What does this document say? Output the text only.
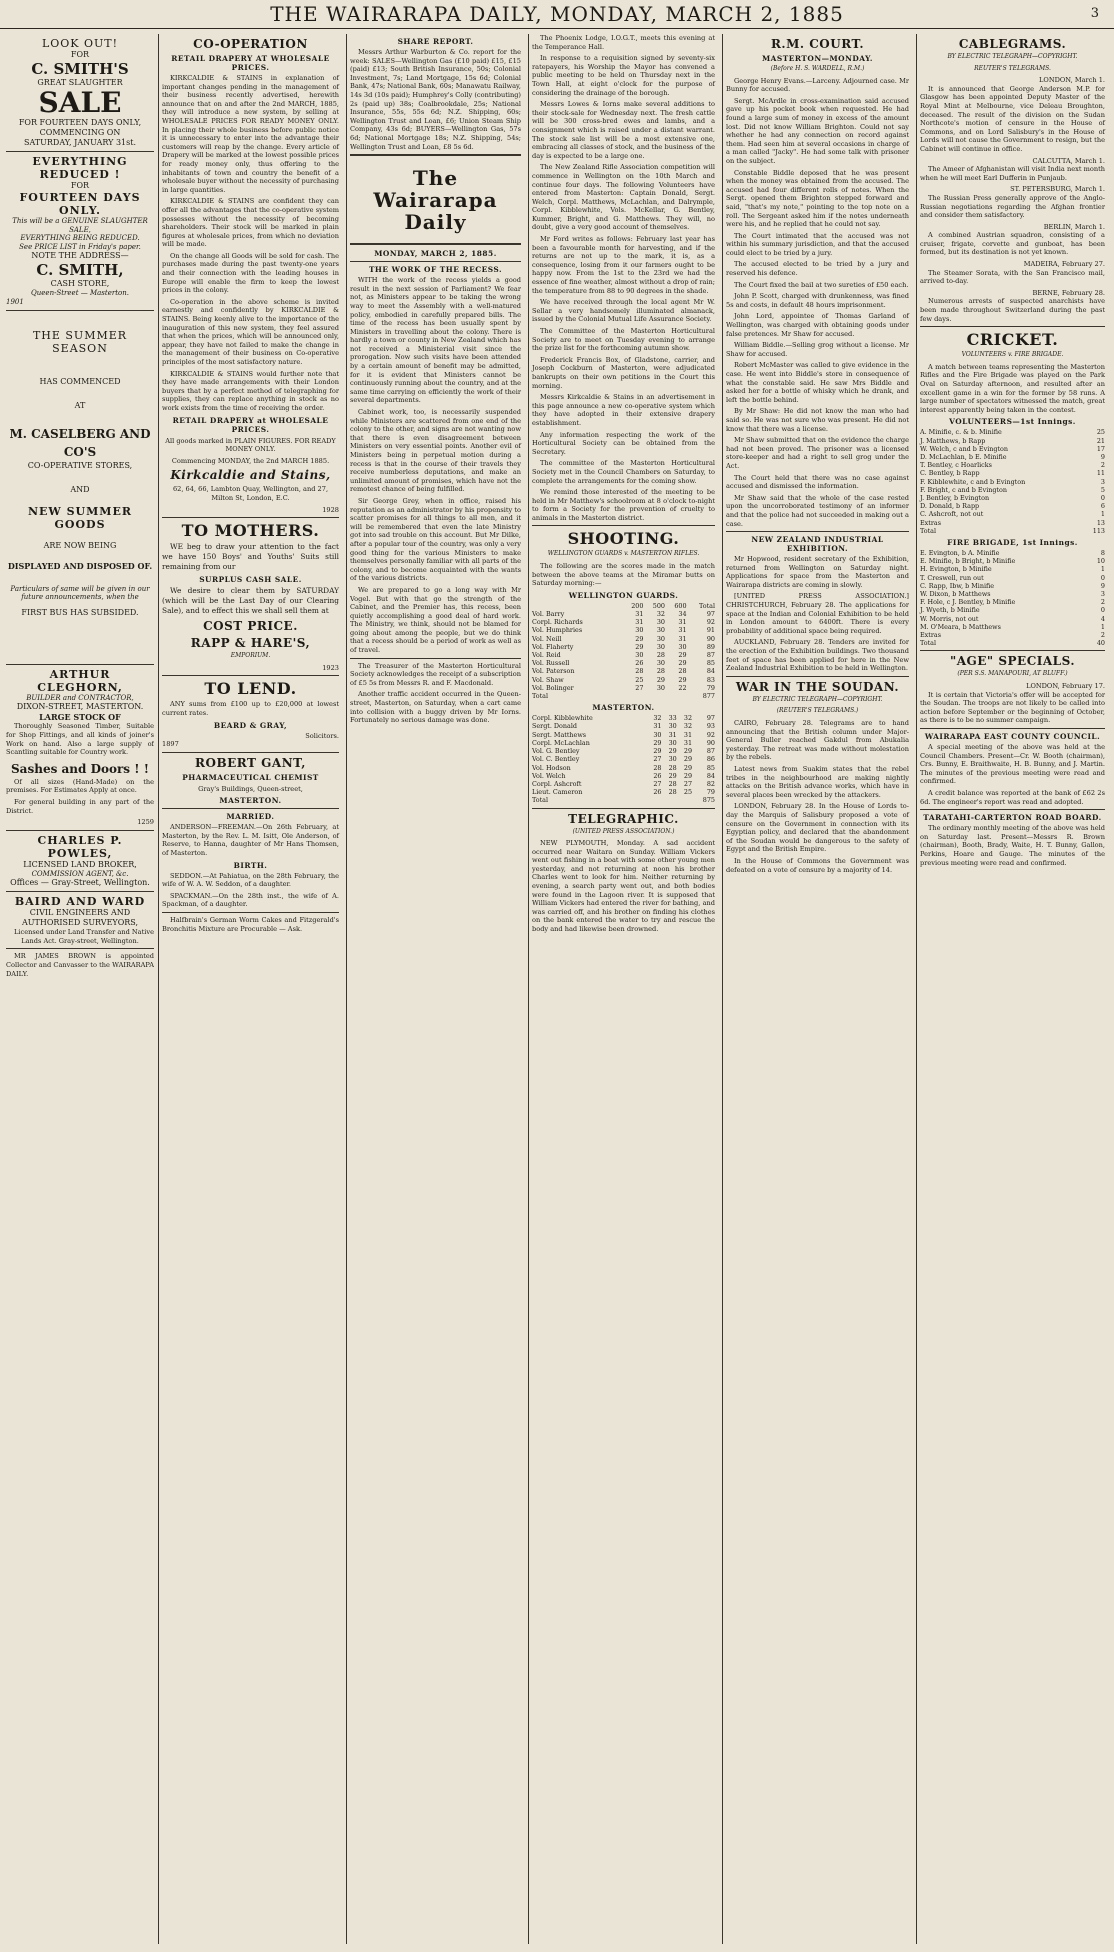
THE WAIRARAPA DAILY, MONDAY, MARCH 2, 1885	3
LOOK OUT!
FOR
C. SMITH'S
GREAT SLAUGHTER
SALE
FOR FOURTEEN DAYS ONLY,
COMMENCING ON
SATURDAY, JANUARY 31st.
EVERYTHING REDUCED !
FOR
FOURTEEN DAYS ONLY.
This will be a GENUINE SLAUGHTER SALE,
EVERYTHING BEING REDUCED.
See PRICE LIST in Friday's paper.
NOTE THE ADDRESS—
C. SMITH,
CASH STORE,
Queen-Street — Masterton.
1901
THE SUMMER SEASON
HAS COMMENCED
AT
M. CASELBERG AND CO'S
CO-OPERATIVE STORES,
AND
NEW SUMMER GOODS
ARE NOW BEING
DISPLAYED AND DISPOSED OF.
Particulars of same will be given in our future announcements, when the
FIRST BUS HAS SUBSIDED.
ARTHUR CLEGHORN,
BUILDER and CONTRACTOR,
DIXON-STREET, MASTERTON.
LARGE STOCK OF
Thoroughly Seasoned Timber, Suitable for Shop Fittings, and all kinds of joiner's Work on hand. Also a large supply of Scantling suitable for Country work.
Sashes and Doors ! !
Of all sizes (Hand-Made) on the premises. For Estimates Apply at once.
For general building in any part of the District.
1259
CHARLES P. POWLES,
LICENSED LAND BROKER,
COMMISSION AGENT, &c.
Offices — Gray-Street, Wellington.
BAIRD AND WARD
CIVIL ENGINEERS AND AUTHORISED SURVEYORS,
Licensed under Land Transfer and Native Lands Act. Gray-street, Wellington.
MR JAMES BROWN is appointed Collector and Canvasser to the WAIRARAPA DAILY.
CO-OPERATION
RETAIL DRAPERY AT WHOLESALE PRICES.
KIRKCALDIE & STAINS in explanation of important changes pending in the management of their business recently advertised, herewith announce that on and after the 2nd MARCH, 1885, they will introduce a new system, by selling at WHOLESALE PRICES FOR READY MONEY ONLY. In placing their whole business before public notice it is unnecessary to enter into the advantage their customers will reap by the change. Every article of Drapery will be marked at the lowest possible prices for ready money only, thus offering to the inhabitants of town and country the benefit of a wholesale buyer without the necessity of purchasing in large quantities.
KIRKCALDIE & STAINS are confident they can offer all the advantages that the co-operative system possesses without the necessity of becoming shareholders. Their stock will be marked in plain figures at wholesale prices, from which no deviation will be made.
On the change all Goods will be sold for cash. The purchases made during the past twenty-one years and their connection with the leading houses in Europe will enable the firm to keep the lowest prices in the colony.
Co-operation in the above scheme is invited earnestly and confidently by KIRKCALDIE & STAINS. Being keenly alive to the importance of the inauguration of this new system, they feel assured that when the prices, which will be announced only, appear, they have not failed to make the change in the management of their business on Co-operative principles of the most satisfactory nature.
KIRKCALDIE & STAINS would further note that they have made arrangements with their London buyers that by a perfect method of telegraphing for supplies, they can replace anything in stock as no work exists from the time of receiving the order.
RETAIL DRAPERY at WHOLESALE PRICES.
All goods marked in PLAIN FIGURES. FOR READY MONEY ONLY.
Commencing MONDAY, the 2nd MARCH 1885.
Kirkcaldie and Stains,
62, 64, 66, Lambton Quay, Wellington, and 27, Milton St, London, E.C.
1928
TO MOTHERS.
WE beg to draw your attention to the fact we have 150 Boys' and Youths' Suits still remaining from our
SURPLUS CASH SALE.
We desire to clear them by SATURDAY (which will be the Last Day of our Clearing Sale), and to effect this we shall sell them at
COST PRICE.
RAPP & HARE'S,
EMPORIUM.
1923
TO LEND.
ANY sums from £100 up to £20,000 at lowest current rates.
BEARD & GRAY,
Solicitors.
1897
ROBERT GANT,
PHARMACEUTICAL CHEMIST
Gray's Buildings, Queen-street,
MASTERTON.
MARRIED.
ANDERSON—FREEMAN.—On 26th February, at Masterton, by the Rev. L. M. Isitt, Ole Anderson, of Reserve, to Hanna, daughter of Mr Hans Thomsen, of Masterton.
BIRTH.
SEDDON.—At Pahiatua, on the 28th February, the wife of W. A. W. Seddon, of a daughter.
SPACKMAN.—On the 28th inst., the wife of A. Spackman, of a daughter.
Halfbrain's German Worm Cakes and Fitzgerald's Bronchitis Mixture are Procurable — Ask.
SHARE REPORT.
Messrs Arthur Warburton & Co. report for the week: SALES—Wellington Gas (£10 paid) £15, £15 (paid) £13; South British Insurance, 50s; Colonial Investment, 7s; Land Mortgage, 15s 6d; Colonial Bank, 47s; National Bank, 60s; Manawatu Railway, 14s 3d (10s paid); Humphrey's Colly (contributing) 2s (paid up) 38s; Coalbrookdale, 25s; National Insurance, 55s, 55s 6d; N.Z. Shipping, 60s; Wellington Trust and Loan, £6; Union Steam Ship Company, 43s 6d; BUYERS—Wellington Gas, 57s 6d; National Mortgage 18s; N.Z. Shipping, 54s; Wellington Trust and Loan, £8 5s 6d.
The Wairarapa Daily
MONDAY, MARCH 2, 1885.
THE WORK OF THE RECESS.
WITH the work of the recess yields a good result in the next session of Parliament? We fear not, as Ministers appear to be taking the wrong way to meet the Assembly with a well-matured policy, embodied in carefully prepared bills. The time of the recess has been usually spent by Ministers in travelling about the colony. There is hardly a town or county in New Zealand which has not received a Ministerial visit since the prorogation. Now such visits have been attended by a certain amount of benefit may be admitted, for it is evident that Ministers cannot be continuously running about the country, and at the same time carrying on efficiently the work of their several departments.
Cabinet work, too, is necessarily suspended while Ministers are scattered from one end of the colony to the other, and signs are not wanting now that there is even disagreement between Ministers on very essential points. Another evil of Ministers being in perpetual motion during a recess is that in the course of their travels they receive numberless deputations, and make an unlimited amount of promises, which have not the remotest chance of being fulfilled.
Sir George Grey, when in office, raised his reputation as an administrator by his propensity to scatter promises for all things to all men, and it will be remembered that even the late Ministry got into sad trouble on this account. But Mr Dilke, after a popular tour of the country, was only a very good thing for the various Ministers to make themselves personally familiar with all parts of the colony, and to become acquainted with the wants of the various districts.
We are prepared to go a long way with Mr Vogel. But with that go the strength of the Cabinet, and the Premier has, this recess, been quietly accomplishing a good deal of hard work. The Ministry, we think, should not be blamed for going about among the people, but we do think that a recess should be a period of work as well as of travel.
The Treasurer of the Masterton Horticultural Society acknowledges the receipt of a subscription of £5 5s from Messrs R. and F. Macdonald.
Another traffic accident occurred in the Queen-street, Masterton, on Saturday, when a cart came into collision with a buggy driven by Mr Iorns. Fortunately no serious damage was done.
The Phoenix Lodge, I.O.G.T., meets this evening at the Temperance Hall.
In response to a requisition signed by seventy-six ratepayers, his Worship the Mayor has convened a public meeting to be held on Thursday next in the Town Hall, at eight o'clock for the purpose of considering the drainage of the borough.
Messrs Lowes & Iorns make several additions to their stock-sale for Wednesday next. The fresh cattle will be 300 cross-bred ewes and lambs, and a consignment which is raised under a distant warrant. The stock sale list will be a most extensive one, embracing all classes of stock, and the business of the day is expected to be a large one.
The New Zealand Rifle Association competition will commence in Wellington on the 10th March and continue four days. The following Volunteers have entered from Masterton: Captain Donald, Sergt. Welch, Corpl. Matthews, McLachlan, and Dalrymple, Corpl. Kibblewhite, Vols. McKellar, G. Bentley, Kummer, Bright, and G. Matthews. They will, no doubt, give a very good account of themselves.
Mr Ford writes as follows: February last year has been a favourable month for harvesting, and if the returns are not up to the mark, it is, as a consequence, losing from it our farmers ought to be happy now. From the 1st to the 23rd we had the essence of fine weather, almost without a drop of rain; the temperature from 88 to 90 degrees in the shade.
We have received through the local agent Mr W. Sellar a very handsomely illuminated almanack, issued by the Colonial Mutual Life Assurance Society.
The Committee of the Masterton Horticultural Society are to meet on Tuesday evening to arrange the prize list for the forthcoming autumn show.
Frederick Francis Box, of Gladstone, carrier, and Joseph Cockburn of Masterton, were adjudicated bankrupts on their own petitions in the Court this morning.
Messrs Kirkcaldie & Stains in an advertisement in this page announce a new co-operative system which they have adopted in their extensive drapery establishment.
Any information respecting the work of the Horticultural Society can be obtained from the Secretary.
The committee of the Masterton Horticultural Society met in the Council Chambers on Saturday, to complete the arrangements for the coming show.
We remind those interested of the meeting to be held in Mr Matthew's schoolroom at 8 o'clock to-night to form a Society for the prevention of cruelty to animals in the Masterton district.
SHOOTING.
WELLINGTON GUARDS v. MASTERTON RIFLES.
The following are the scores made in the match between the above teams at the Miramar butts on Saturday morning:—
WELLINGTON GUARDS.
	200	500	600	Total
Vol. Barry	31	32	34	97
Corpl. Richards	31	30	31	92
Vol. Humphries	30	30	31	91
Vol. Neill	29	30	31	90
Vol. Flaherty	29	30	30	89
Vol. Reid	30	28	29	87
Vol. Russell	26	30	29	85
Vol. Paterson	28	28	28	84
Vol. Shaw	25	29	29	83
Vol. Bolinger	27	30	22	79
Total				877
MASTERTON.
Corpl. Kibblewhite	32	33	32	97
Sergt. Donald	31	30	32	93
Sergt. Matthews	30	31	31	92
Corpl. McLachlan	29	30	31	90
Vol. G. Bentley	29	29	29	87
Vol. C. Bentley	27	30	29	86
Vol. Hodson	28	28	29	85
Vol. Welch	26	29	29	84
Corpl. Ashcroft	27	28	27	82
Lieut. Cameron	26	28	25	79
Total				875
TELEGRAPHIC.
(UNITED PRESS ASSOCIATION.)
NEW PLYMOUTH, Monday. A sad accident occurred near Waitara on Sunday. William Vickers went out fishing in a boat with some other young men yesterday, and not returning at noon his brother Charles went to look for him. Neither returning by evening, a search party went out, and both bodies were found in the Lagoon river. It is supposed that William Vickers had entered the river for bathing, and was carried off, and his brother on finding his clothes on the bank entered the water to try and rescue the body and had likewise been drowned.
R.M. COURT.
MASTERTON—MONDAY.
(Before H. S. WARDELL, R.M.)
George Henry Evans.—Larceny. Adjourned case. Mr Bunny for accused.
Sergt. McArdle in cross-examination said accused gave up his pocket book when requested. He had found a large sum of money in excess of the amount lost. Did not know William Brighton. Could not say whether he had any connection on record against them. Had seen him at several occasions in charge of a man called "Jacky". He had some talk with prisoner on the subject.
Constable Biddle deposed that he was present when the money was obtained from the accused. The accused had four different rolls of notes. When the Sergt. opened them Brighton stepped forward and said, "that's my note," pointing to the top note on a roll. The Sergeant asked him if the notes underneath were his, and he replied that he could not say.
The Court intimated that the accused was not within his summary jurisdiction, and that the accused could elect to be tried by a jury.
The accused elected to be tried by a jury and reserved his defence.
The Court fixed the bail at two sureties of £50 each.
John P. Scott, charged with drunkenness, was fined 5s and costs, in default 48 hours imprisonment.
John Lord, appointee of Thomas Garland of Wellington, was charged with obtaining goods under false pretences. Mr Shaw for accused.
William Biddle.—Selling grog without a license. Mr Shaw for accused.
Robert McMaster was called to give evidence in the case. He went into Biddle's store in consequence of what the constable said. He saw Mrs Biddle and asked her for a bottle of whisky which he drank, and left the bottle behind.
By Mr Shaw: He did not know the man who had said so. He was not sure who was present. He did not know that there was a license.
Mr Shaw submitted that on the evidence the charge had not been proved. The prisoner was a licensed store-keeper and had a right to sell grog under the Act.
The Court held that there was no case against accused and dismissed the information.
Mr Shaw said that the whole of the case rested upon the uncorroborated testimony of an informer and that the police had not succeeded in making out a case.
NEW ZEALAND INDUSTRIAL EXHIBITION.
Mr Hopwood, resident secretary of the Exhibition, returned from Wellington on Saturday night. Applications for space from the Masterton and Wairarapa districts are coming in slowly.
[UNITED PRESS ASSOCIATION.] CHRISTCHURCH, February 28. The applications for space at the Indian and Colonial Exhibition to be held in London amount to 6400ft. There is every probability of additional space being required.
AUCKLAND, February 28. Tenders are invited for the erection of the Exhibition buildings. Two thousand feet of space has been applied for here in the New Zealand Industrial Exhibition to be held in Wellington.
WAR IN THE SOUDAN.
BY ELECTRIC TELEGRAPH—COPYRIGHT.
(REUTER'S TELEGRAMS.)
CAIRO, February 28. Telegrams are to hand announcing that the British column under Major-General Buller reached Gakdul from Abukalia yesterday. The retreat was made without molestation by the rebels.
Latest news from Suakim states that the rebel tribes in the neighbourhood are making nightly attacks on the British advance works, which have in several places been wrecked by the attackers.
LONDON, February 28. In the House of Lords to-day the Marquis of Salisbury proposed a vote of censure on the Government in connection with its Egyptian policy, and declared that the abandonment of the Soudan would be dangerous to the safety of Egypt and the British Empire.
In the House of Commons the Government was defeated on a vote of censure by a majority of 14.
CABLEGRAMS.
BY ELECTRIC TELEGRAPH—COPYRIGHT.
REUTER'S TELEGRAMS.
LONDON, March 1.
It is announced that George Anderson M.P. for Glasgow has been appointed Deputy Master of the Royal Mint at Melbourne, vice Deleau Broughton, deceased. The result of the division on the Sudan Northcote's motion of censure in the House of Commons, and on Lord Salisbury's in the House of Lords will not cause the Government to resign, but the Cabinet will continue in office.
CALCUTTA, March 1.
The Ameer of Afghanistan will visit India next month when he will meet Earl Dufferin in Punjaub.
ST. PETERSBURG, March 1.
The Russian Press generally approve of the Anglo-Russian negotiations regarding the Afghan frontier and consider them satisfactory.
BERLIN, March 1.
A combined Austrian squadron, consisting of a cruiser, frigate, corvette and gunboat, has been formed, but its destination is not yet known.
MADEIRA, February 27.
The Steamer Sorata, with the San Francisco mail, arrived to-day.
BERNE, February 28.
Numerous arrests of suspected anarchists have been made throughout Switzerland during the past few days.
CRICKET.
VOLUNTEERS v. FIRE BRIGADE.
A match between teams representing the Masterton Rifles and the Fire Brigade was played on the Park Oval on Saturday afternoon, and resulted after an excellent game in a win for the former by 58 runs. A large number of spectators witnessed the match, great interest apparently being taken in the contest.
VOLUNTEERS—1st Innings.
A. Minifie, c. & b. Minifie	25
J. Matthews, b Rapp	21
W. Welch, c and b Evington	17
D. McLachlan, b E. Minifie	9
T. Bentley, c Hoarlicks	2
C. Bentley, b Rapp	11
F. Kibblewhite, c and b Evington	3
F. Bright, c and b Evington	5
J. Bentley, b Evington	0
D. Donald, b Rapp	6
C. Ashcroft, not out	1
Extras	13
Total	113
FIRE BRIGADE, 1st Innings.
E. Evington, b A. Minifie	8
E. Minifie, b Bright, b Minifie	10
H. Evington, b Minifie	1
T. Creswell, run out	0
C. Rapp, Ibw, b Minifie	9
W. Dixon, b Matthews	3
F. Hole, c J. Bentley, b Minifie	2
J. Wyeth, b Minifie	0
W. Morris, not out	4
M. O'Meara, b Matthews	1
Extras	2
Total	40
"AGE" SPECIALS.
(PER S.S. MANAPOURI, AT BLUFF.)
LONDON, February 17.
It is certain that Victoria's offer will be accepted for the Soudan. The troops are not likely to be called into action before September or the beginning of October, as there is to be no summer campaign.
WAIRARAPA EAST COUNTY COUNCIL.
A special meeting of the above was held at the Council Chambers. Present—Cr. W. Booth (chairman), Crs. Bunny, E. Braithwaite, H. B. Bunny, and J. Martin. The minutes of the previous meeting were read and confirmed.
A credit balance was reported at the bank of £62 2s 6d. The engineer's report was read and adopted.
TARATAHI-CARTERTON ROAD BOARD.
The ordinary monthly meeting of the above was held on Saturday last. Present—Messrs R. Brown (chairman), Booth, Brady, Waite, H. T. Bunny, Gallon, Perkins, Hoare and Gauge. The minutes of the previous meeting were read and confirmed.
